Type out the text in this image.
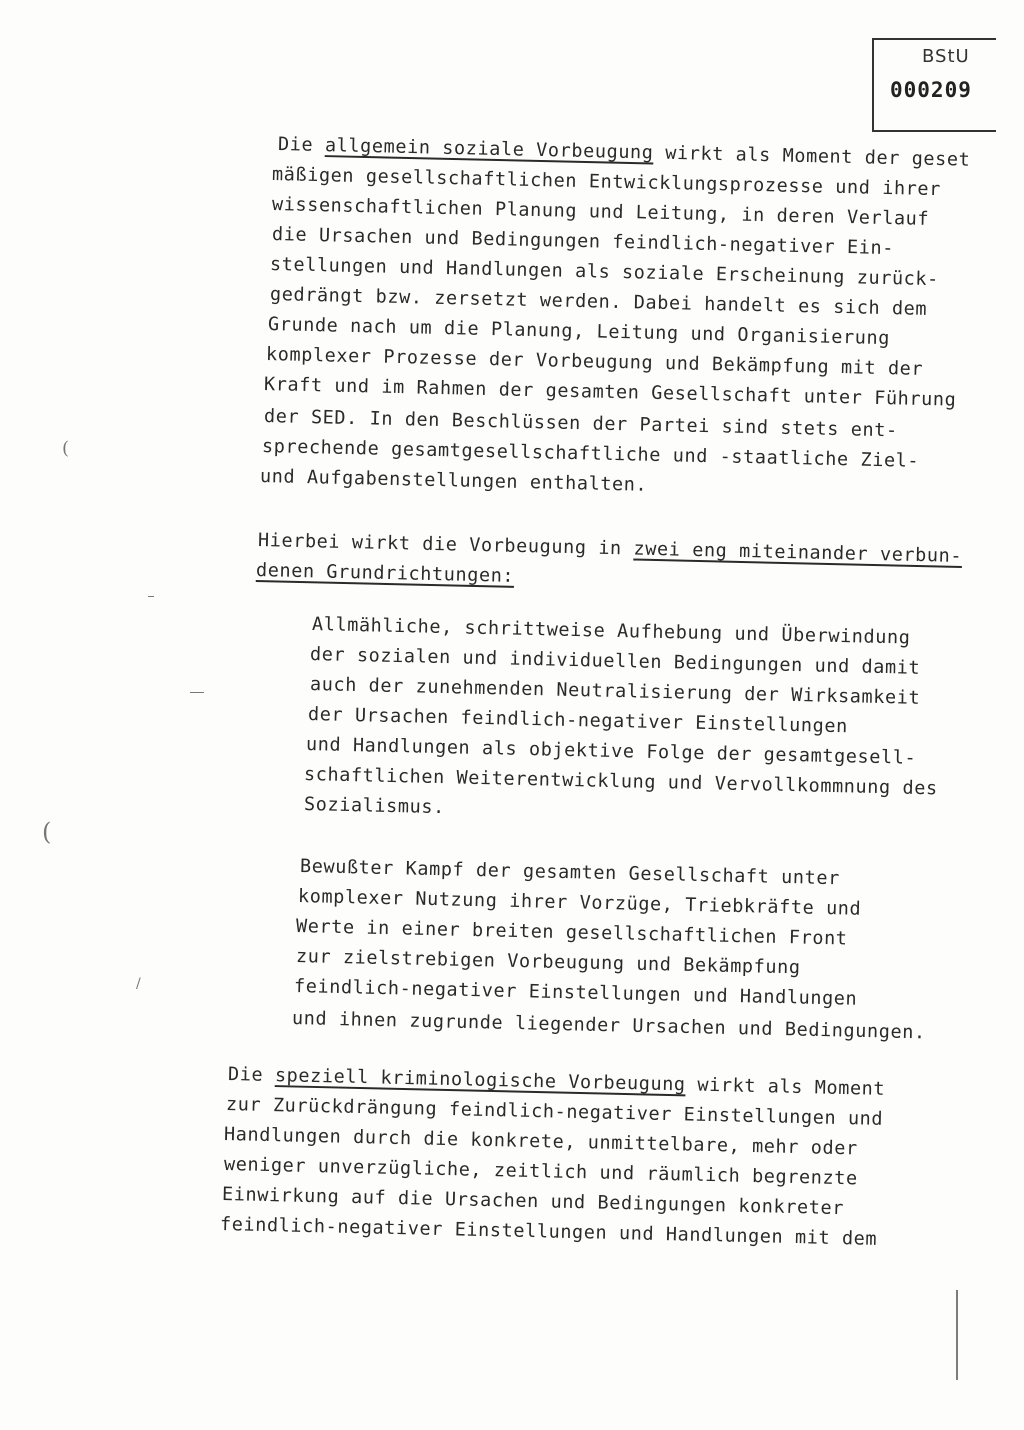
BStU
000209
Die allgemein soziale Vorbeugung wirkt als Moment der geset
mäßigen gesellschaftlichen Entwicklungsprozesse und ihrer
wissenschaftlichen Planung und Leitung, in deren Verlauf
die Ursachen und Bedingungen feindlich-negativer Ein-
stellungen und Handlungen als soziale Erscheinung zurück-
gedrängt bzw. zersetzt werden. Dabei handelt es sich dem
Grunde nach um die Planung, Leitung und Organisierung
komplexer Prozesse der Vorbeugung und Bekämpfung mit der
Kraft und im Rahmen der gesamten Gesellschaft unter Führung
der SED. In den Beschlüssen der Partei sind stets ent-
sprechende gesamtgesellschaftliche und -staatliche Ziel-
und Aufgabenstellungen enthalten.
Hierbei wirkt die Vorbeugung in zwei eng miteinander verbun-
denen Grundrichtungen:
Allmähliche, schrittweise Aufhebung und Überwindung
der sozialen und individuellen Bedingungen und damit
auch der zunehmenden Neutralisierung der Wirksamkeit
der Ursachen feindlich-negativer Einstellungen
und Handlungen als objektive Folge der gesamtgesell-
schaftlichen Weiterentwicklung und Vervollkommnung des
Sozialismus.
Bewußter Kampf der gesamten Gesellschaft unter
komplexer Nutzung ihrer Vorzüge, Triebkräfte und
Werte in einer breiten gesellschaftlichen Front
zur zielstrebigen Vorbeugung und Bekämpfung
feindlich-negativer Einstellungen und Handlungen
und ihnen zugrunde liegender Ursachen und Bedingungen.
Die speziell kriminologische Vorbeugung wirkt als Moment
zur Zurückdrängung feindlich-negativer Einstellungen und
Handlungen durch die konkrete, unmittelbare, mehr oder
weniger unverzügliche, zeitlich und räumlich begrenzte
Einwirkung auf die Ursachen und Bedingungen konkreter
feindlich-negativer Einstellungen und Handlungen mit dem
(
(
/
